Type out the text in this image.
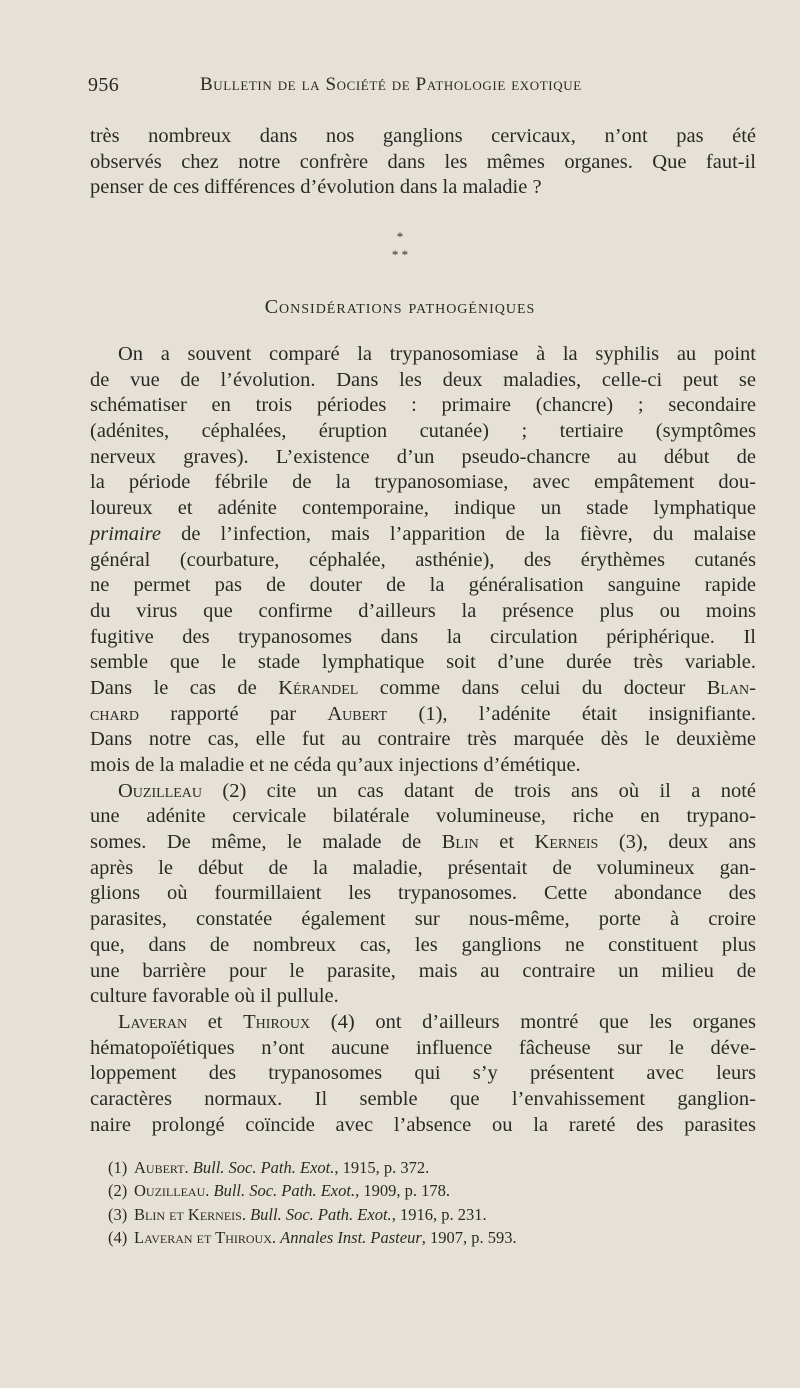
956	Bulletin de la Société de Pathologie exotique
très nombreux dans nos ganglions cervicaux, n’ont pas été
observés chez notre confrère dans les mêmes organes. Que faut-il
penser de ces différences d’évolution dans la maladie ?
*
* *
Considérations pathogéniques
On a souvent comparé la trypanosomiase à la syphilis au point
de vue de l’évolution. Dans les deux maladies, celle-ci peut se
schématiser en trois périodes : primaire (chancre) ; secondaire
(adénites, céphalées, éruption cutanée) ; tertiaire (symptômes
nerveux graves). L’existence d’un pseudo-chancre au début de
la période fébrile de la trypanosomiase, avec empâtement dou-
loureux et adénite contemporaine, indique un stade lymphatique
primaire de l’infection, mais l’apparition de la fièvre, du malaise
général (courbature, céphalée, asthénie), des érythèmes cutanés
ne permet pas de douter de la généralisation sanguine rapide
du virus que confirme d’ailleurs la présence plus ou moins
fugitive des trypanosomes dans la circulation périphérique. Il
semble que le stade lymphatique soit d’une durée très variable.
Dans le cas de Kérandel comme dans celui du docteur Blan-
chard rapporté par Aubert (1), l’adénite était insignifiante.
Dans notre cas, elle fut au contraire très marquée dès le deuxième
mois de la maladie et ne céda qu’aux injections d’émétique.
Ouzilleau (2) cite un cas datant de trois ans où il a noté
une adénite cervicale bilatérale volumineuse, riche en trypano-
somes. De même, le malade de Blin et Kerneis (3), deux ans
après le début de la maladie, présentait de volumineux gan-
glions où fourmillaient les trypanosomes. Cette abondance des
parasites, constatée également sur nous-même, porte à croire
que, dans de nombreux cas, les ganglions ne constituent plus
une barrière pour le parasite, mais au contraire un milieu de
culture favorable où il pullule.
Laveran et Thiroux (4) ont d’ailleurs montré que les organes
hématopoïétiques n’ont aucune influence fâcheuse sur le déve-
loppement des trypanosomes qui s’y présentent avec leurs
caractères normaux. Il semble que l’envahissement ganglion-
naire prolongé coïncide avec l’absence ou la rareté des parasites
(1) Aubert. Bull. Soc. Path. Exot., 1915, p. 372.
(2) Ouzilleau. Bull. Soc. Path. Exot., 1909, p. 178.
(3) Blin et Kerneis. Bull. Soc. Path. Exot., 1916, p. 231.
(4) Laveran et Thiroux. Annales Inst. Pasteur, 1907, p. 593.
